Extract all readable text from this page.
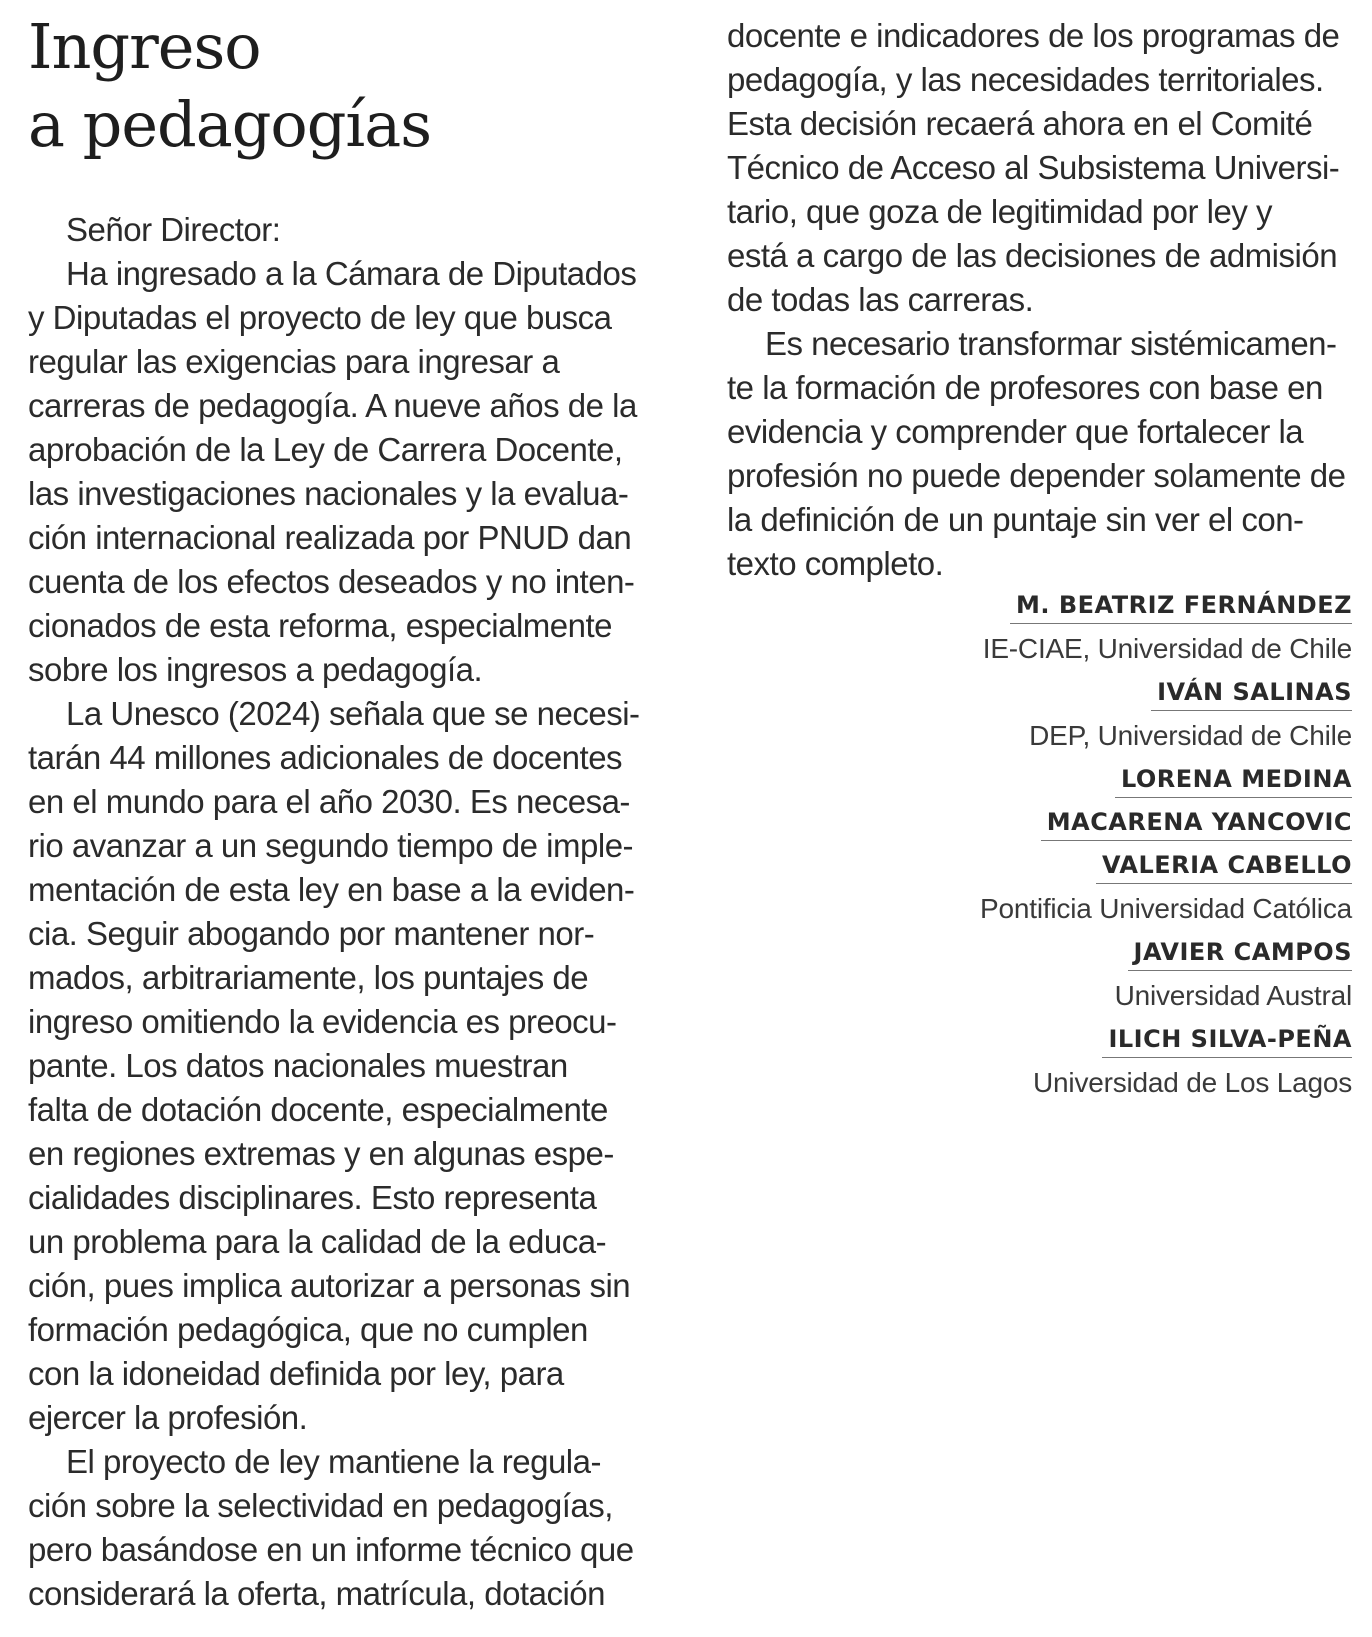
Ingreso
a pedagogías
Señor Director:
Ha ingresado a la Cámara de Diputados
y Diputadas el proyecto de ley que busca
regular las exigencias para ingresar a
carreras de pedagogía. A nueve años de la
aprobación de la Ley de Carrera Docente,
las investigaciones nacionales y la evalua-
ción internacional realizada por PNUD dan
cuenta de los efectos deseados y no inten-
cionados de esta reforma, especialmente
sobre los ingresos a pedagogía.
La Unesco (2024) señala que se necesi-
tarán 44 millones adicionales de docentes
en el mundo para el año 2030. Es necesa-
rio avanzar a un segundo tiempo de imple-
mentación de esta ley en base a la eviden-
cia. Seguir abogando por mantener nor-
mados, arbitrariamente, los puntajes de
ingreso omitiendo la evidencia es preocu-
pante. Los datos nacionales muestran
falta de dotación docente, especialmente
en regiones extremas y en algunas espe-
cialidades disciplinares. Esto representa
un problema para la calidad de la educa-
ción, pues implica autorizar a personas sin
formación pedagógica, que no cumplen
con la idoneidad definida por ley, para
ejercer la profesión.
El proyecto de ley mantiene la regula-
ción sobre la selectividad en pedagogías,
pero basándose en un informe técnico que
considerará la oferta, matrícula, dotación
docente e indicadores de los programas de
pedagogía, y las necesidades territoriales.
Esta decisión recaerá ahora en el Comité
Técnico de Acceso al Subsistema Universi-
tario, que goza de legitimidad por ley y
está a cargo de las decisiones de admisión
de todas las carreras.
Es necesario transformar sistémicamen-
te la formación de profesores con base en
evidencia y comprender que fortalecer la
profesión no puede depender solamente de
la definición de un puntaje sin ver el con-
texto completo.
M. BEATRIZ FERNÁNDEZ
IE-CIAE, Universidad de Chile
IVÁN SALINAS
DEP, Universidad de Chile
LORENA MEDINA
MACARENA YANCOVIC
VALERIA CABELLO
Pontificia Universidad Católica
JAVIER CAMPOS
Universidad Austral
ILICH SILVA-PEÑA
Universidad de Los Lagos
